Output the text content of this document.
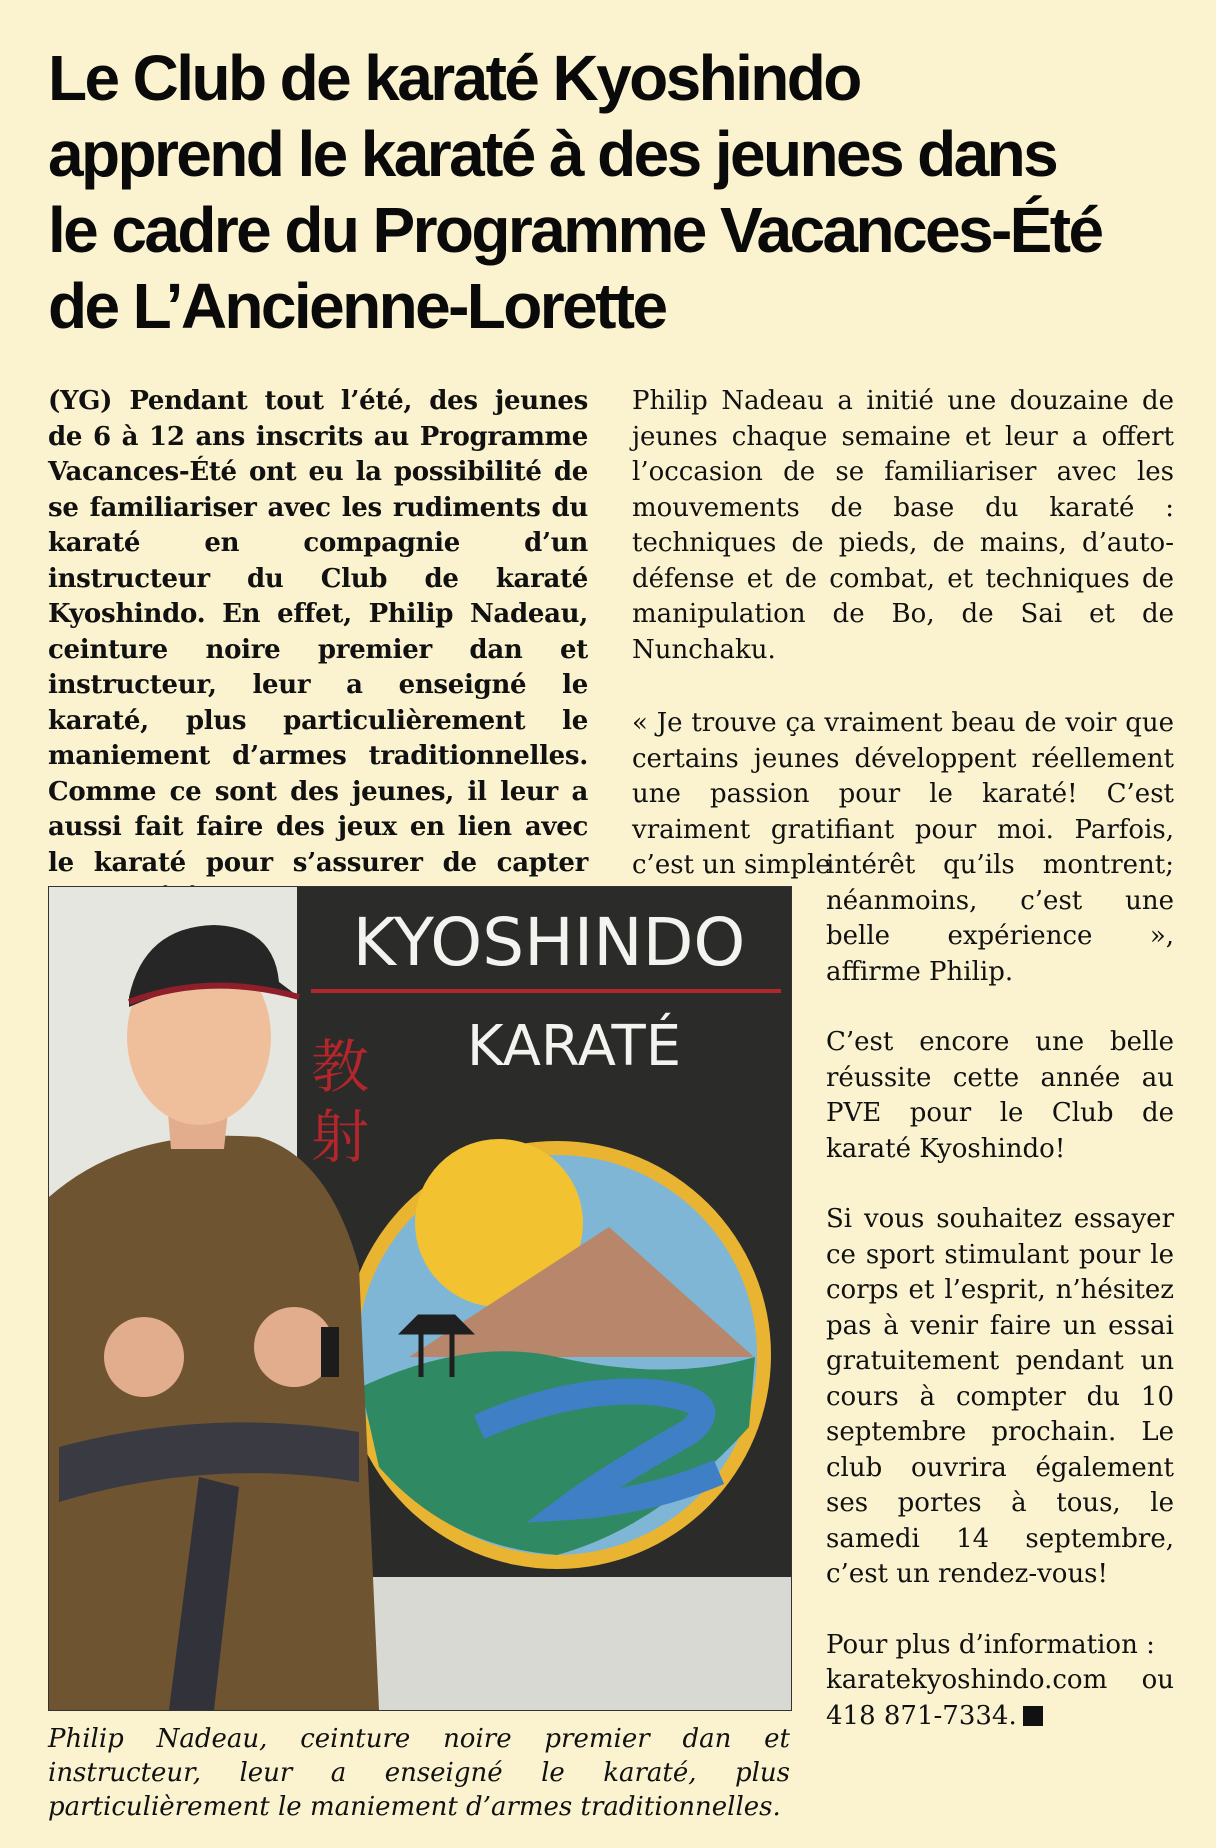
Le Club de karaté Kyoshindo
apprend le karaté à des jeunes dans
le cadre du Programme Vacances-Été
de L’Ancienne-Lorette

(YG) Pendant tout l’été, des jeunes de 6 à 12 ans inscrits au Programme Vacances-Été ont eu la possibilité de se familiariser avec les rudiments du karaté en compagnie d’un instructeur du Club de karaté Kyoshindo. En effet, Philip Nadeau, ceinture noire premier dan et instructeur, leur a enseigné le karaté, plus particulièrement le maniement d’armes traditionnelles. Comme ce sont des jeunes, il leur a aussi fait faire des jeux en lien avec le karaté pour s’assurer de capter

Philip Nadeau a initié une douzaine de jeunes chaque semaine et leur a offert l’occasion de se familiariser avec les mouvements de base du karaté : techniques de pieds, de mains, d’auto-défense et de combat, et techniques de manipulation de Bo, de Sai et de Nunchaku.

« Je trouve ça vraiment beau de voir que certains jeunes développent réellement une passion pour le karaté! C’est vraiment gratifiant pour moi. Parfois, c’est un simple

intérêt qu’ils montrent; néanmoins, c’est une belle expérience », affirme Philip.

C’est encore une belle réussite cette année au PVE pour le Club de karaté Kyoshindo!

Si vous souhaitez essayer ce sport stimulant pour le corps et l’esprit, n’hésitez pas à venir faire un essai gratuitement pendant un cours à compter du 10 septembre prochain. Le club ouvrira également ses portes à tous, le samedi 14 septembre, c’est un rendez-vous!

Pour plus d’information :

karatekyoshindo.com ou 418 871-7334.

KYOSHINDO
KARATÉ
教
射
Philip Nadeau, ceinture noire premier dan et instructeur, leur a enseigné le karaté, plus particulièrement le maniement d’armes traditionnelles.
